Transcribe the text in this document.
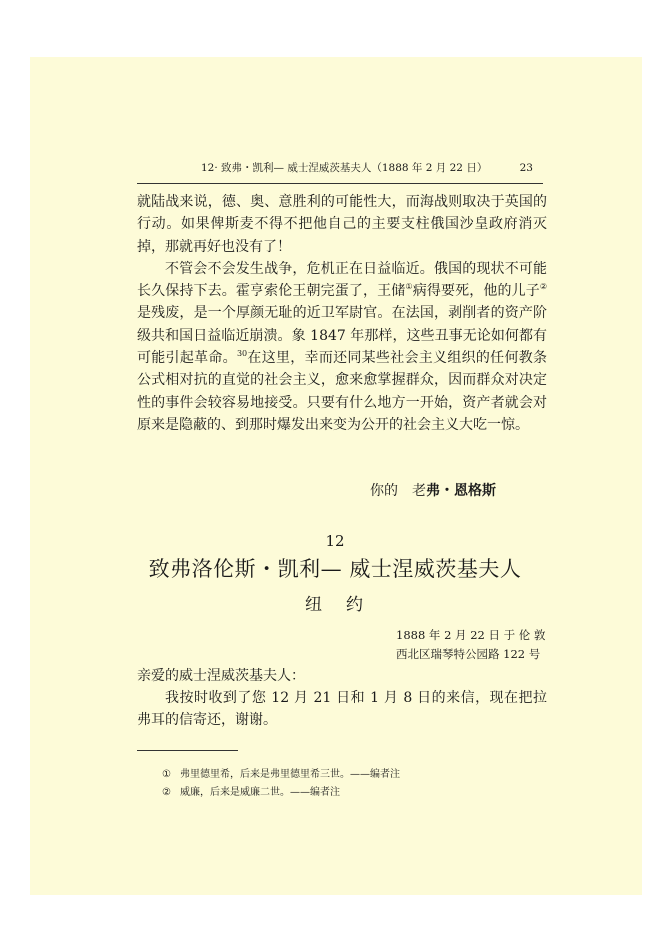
12· 致弗・凯利— 威士涅威茨基夫人（1888 年 2 月 22 日）	23

就陆战来说，德、奥、意胜利的可能性大，而海战则取决于英国的行动。如果俾斯麦不得不把他自己的主要支柱俄国沙皇政府消灭掉，那就再好也没有了！

不管会不会发生战争，危机正在日益临近。俄国的现状不可能长久保持下去。霍亨索伦王朝完蛋了，王储①病得要死，他的儿子②是残废，是一个厚颜无耻的近卫军尉官。在法国，剥削者的资产阶级共和国日益临近崩溃。象 1847 年那样，这些丑事无论如何都有可能引起革命。$^{30}$在这里，幸而还同某些社会主义组织的任何教条公式相对抗的直觉的社会主义，愈来愈掌握群众，因而群众对决定性的事件会较容易地接受。只要有什么地方一开始，资产者就会对原来是隐蔽的、到那时爆发出来变为公开的社会主义大吃一惊。

你的　老弗・恩格斯
12
致弗洛伦斯・凯利— 威士涅威茨基夫人
纽约
1888 年 2 月 22 日 于 伦 敦
西北区瑞琴特公园路 122 号
亲爱的威士涅威茨基夫人：

我按时收到了您 12 月 21 日和 1 月 8 日的来信，现在把拉弗耳的信寄还，谢谢。

① 弗里德里希，后来是弗里德里希三世。——编者注
② 威廉，后来是威廉二世。——编者注
